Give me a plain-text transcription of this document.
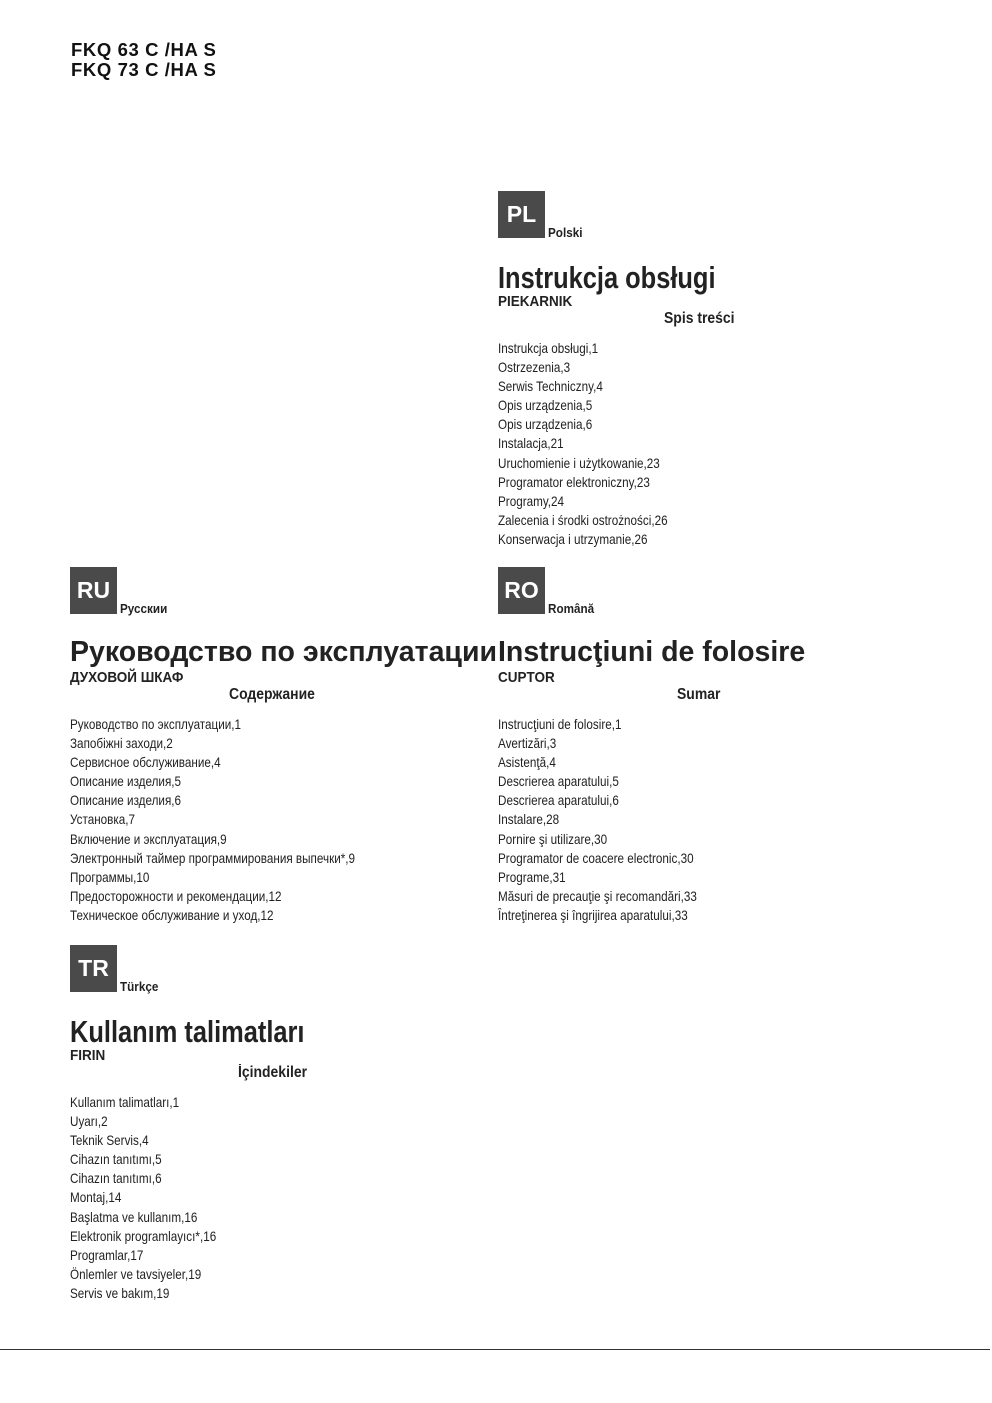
FKQ 63 C /HA S
FKQ 73 C /HA S
PL
Polski
Instrukcja obsługi
PIEKARNIK
Spis treści
Instrukcja obsługi,1
Ostrzezenia,3
Serwis Techniczny,4
Opis urządzenia,5
Opis urządzenia,6
Instalacja,21
Uruchomienie i użytkowanie,23
Programator elektroniczny,23
Programy,24
Zalecenia i środki ostrożności,26
Konserwacja i utrzymanie,26
RU
Русскии
Руководство по эксплуатации
ДУХОВОЙ ШКАФ
Содержание
Руководство по эксплуатации,1
Запобіжні заходи,2
Сервисное обслуживание,4
Описание изделия,5
Описание изделия,6
Установка,7
Включение и эксплуатация,9
Электронный таймер программирования выпечки*,9
Программы,10
Предосторожности и рекомендации,12
Техническое обслуживание и уход,12
RO
Română
Instrucţiuni de folosire
CUPTOR
Sumar
Instrucţiuni de folosire,1
Avertizări,3
Asistenţă,4
Descrierea aparatului,5
Descrierea aparatului,6
Instalare,28
Pornire şi utilizare,30
Programator de coacere electronic,30
Programe,31
Măsuri de precauţie şi recomandări,33
Întreţinerea şi îngrijirea aparatului,33
TR
Türkçe
Kullanım talimatları
FIRIN
İçindekiler
Kullanım talimatları,1
Uyarı,2
Teknik Servis,4
Cihazın tanıtımı,5
Cihazın tanıtımı,6
Montaj,14
Başlatma ve kullanım,16
Elektronik programlayıcı*,16
Programlar,17
Önlemler ve tavsiyeler,19
Servis ve bakım,19
